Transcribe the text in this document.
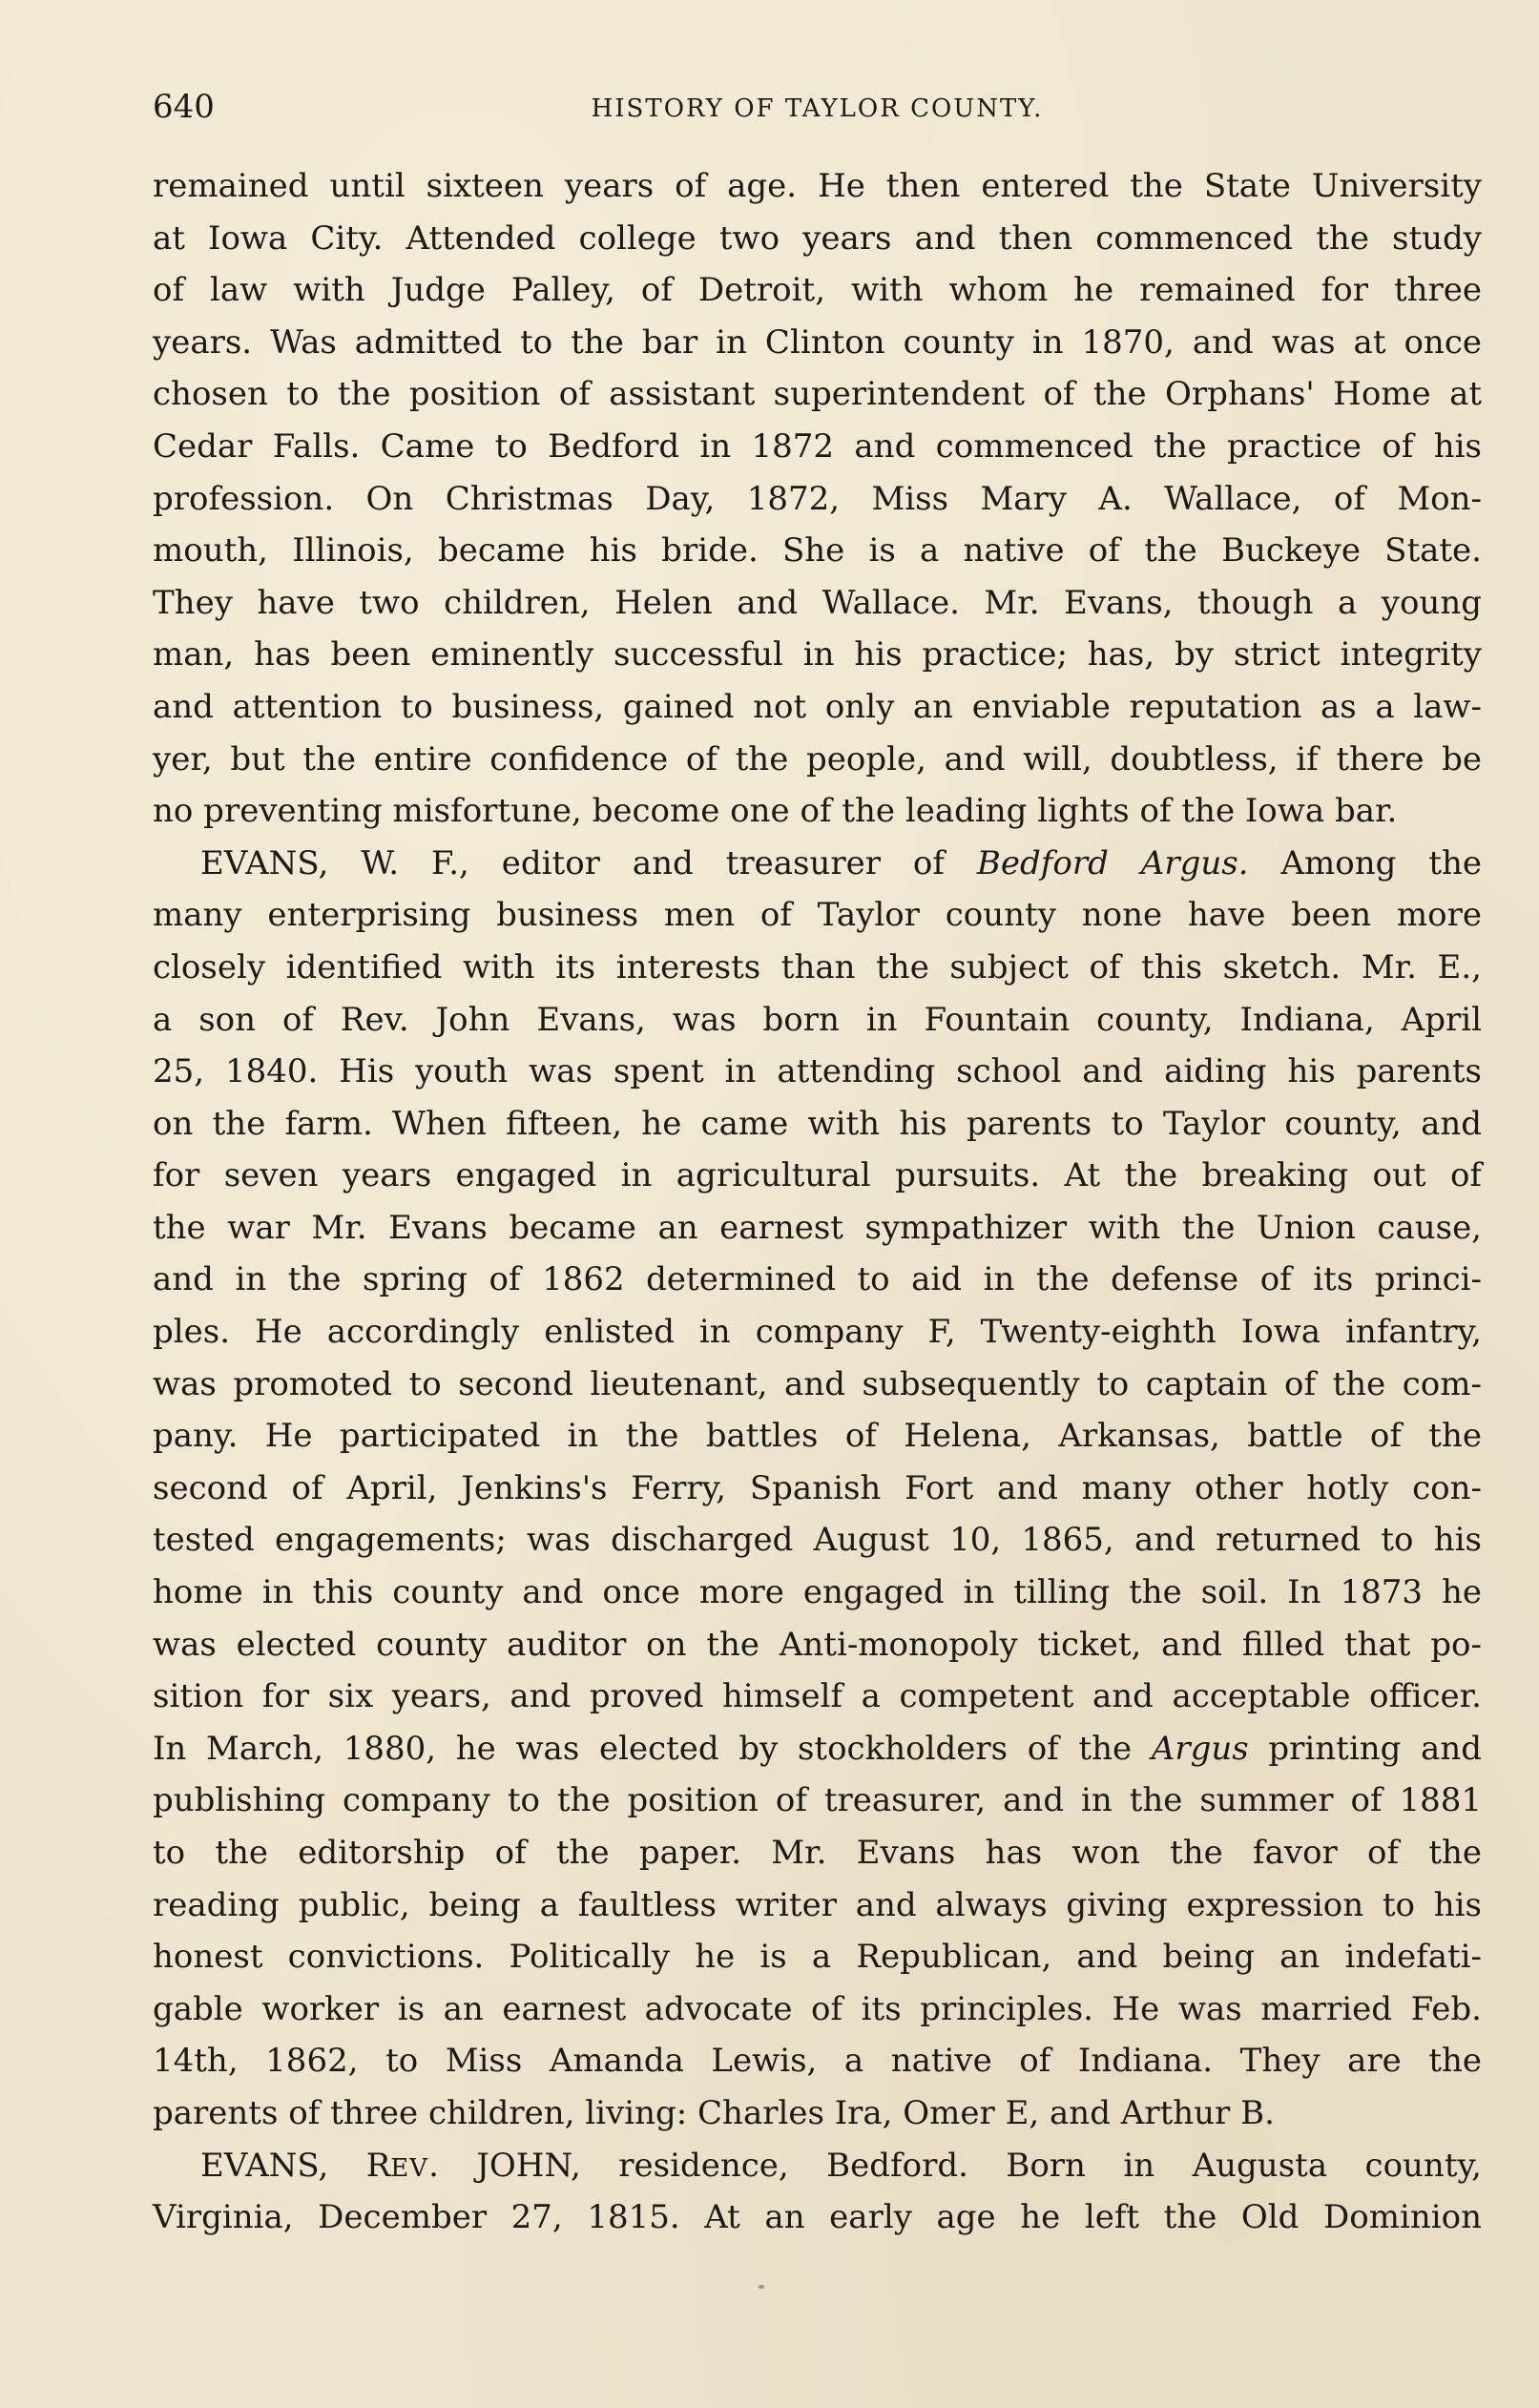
640	HISTORY OF TAYLOR COUNTY.
remained until sixteen years of age. He then entered the State University
at Iowa City. Attended college two years and then commenced the study
of law with Judge Palley, of Detroit, with whom he remained for three
years. Was admitted to the bar in Clinton county in 1870, and was at once
chosen to the position of assistant superintendent of the Orphans' Home at
Cedar Falls. Came to Bedford in 1872 and commenced the practice of his
profession. On Christmas Day, 1872, Miss Mary A. Wallace, of Mon-
mouth, Illinois, became his bride. She is a native of the Buckeye State.
They have two children, Helen and Wallace. Mr. Evans, though a young
man, has been eminently successful in his practice; has, by strict integrity
and attention to business, gained not only an enviable reputation as a law-
yer, but the entire confidence of the people, and will, doubtless, if there be
no preventing misfortune, become one of the leading lights of the Iowa bar.
EVANS, W. F., editor and treasurer of Bedford Argus. Among the
many enterprising business men of Taylor county none have been more
closely identified with its interests than the subject of this sketch. Mr. E.,
a son of Rev. John Evans, was born in Fountain county, Indiana, April
25, 1840. His youth was spent in attending school and aiding his parents
on the farm. When fifteen, he came with his parents to Taylor county, and
for seven years engaged in agricultural pursuits. At the breaking out of
the war Mr. Evans became an earnest sympathizer with the Union cause,
and in the spring of 1862 determined to aid in the defense of its princi-
ples. He accordingly enlisted in company F, Twenty-eighth Iowa infantry,
was promoted to second lieutenant, and subsequently to captain of the com-
pany. He participated in the battles of Helena, Arkansas, battle of the
second of April, Jenkins's Ferry, Spanish Fort and many other hotly con-
tested engagements; was discharged August 10, 1865, and returned to his
home in this county and once more engaged in tilling the soil. In 1873 he
was elected county auditor on the Anti-monopoly ticket, and filled that po-
sition for six years, and proved himself a competent and acceptable officer.
In March, 1880, he was elected by stockholders of the Argus printing and
publishing company to the position of treasurer, and in the summer of 1881
to the editorship of the paper. Mr. Evans has won the favor of the
reading public, being a faultless writer and always giving expression to his
honest convictions. Politically he is a Republican, and being an indefati-
gable worker is an earnest advocate of its principles. He was married Feb.
14th, 1862, to Miss Amanda Lewis, a native of Indiana. They are the
parents of three children, living: Charles Ira, Omer E, and Arthur B.
EVANS, REV. JOHN, residence, Bedford. Born in Augusta county,
Virginia, December 27, 1815. At an early age he left the Old Dominion
